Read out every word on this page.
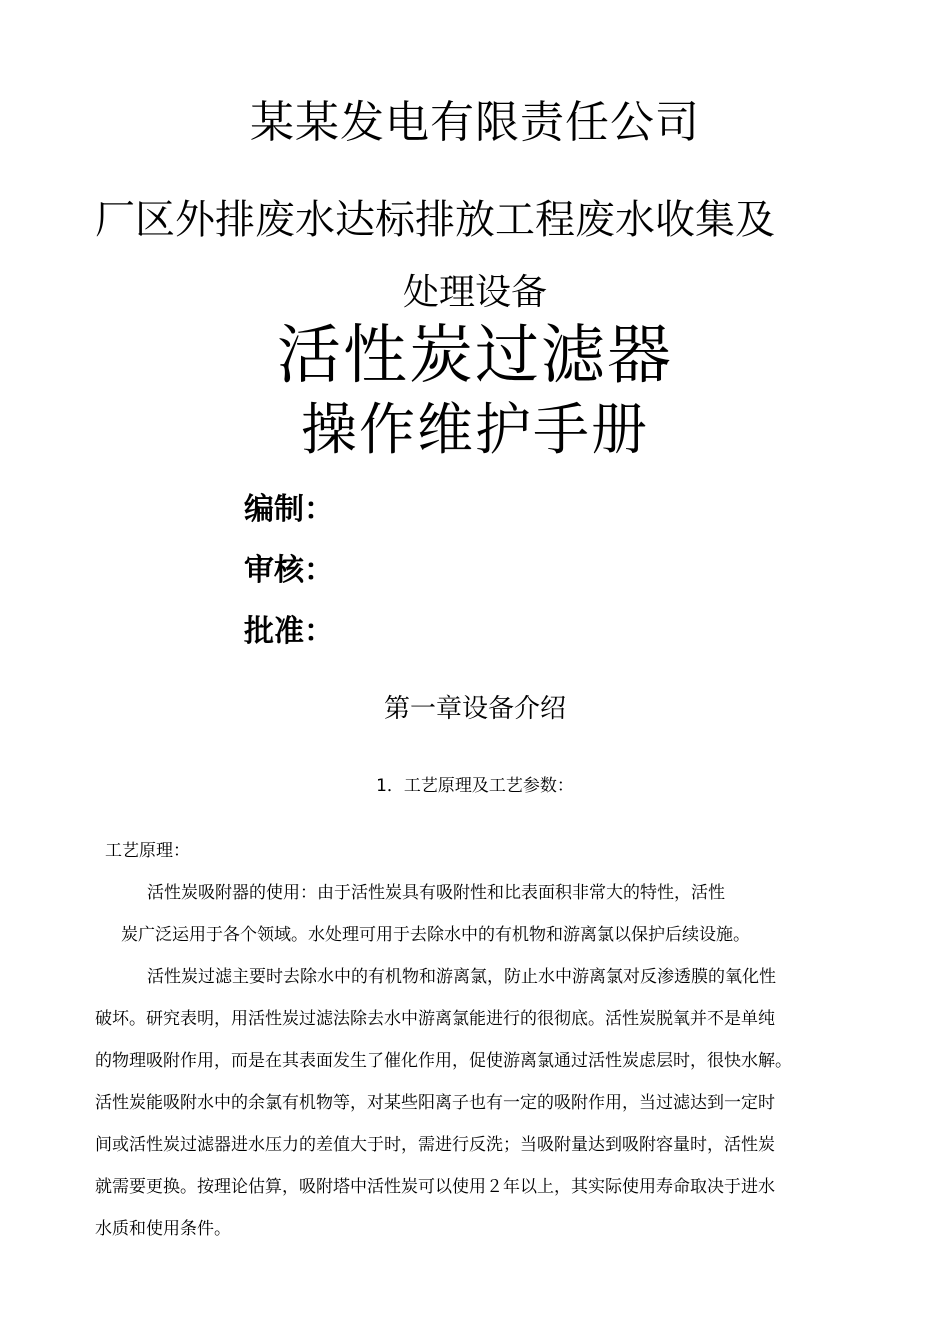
某某发电有限责任公司
厂区外排废水达标排放工程废水收集及
处理设备
活性炭过滤器
操作维护手册
编制：
审核：
批准：
第一章设备介绍
1．工艺原理及工艺参数：
工艺原理：
活性炭吸附器的使用：由于活性炭具有吸附性和比表面积非常大的特性，活性
炭广泛运用于各个领域。水处理可用于去除水中的有机物和游离氯以保护后续设施。
活性炭过滤主要时去除水中的有机物和游离氯，防止水中游离氯对反渗透膜的氧化性
破坏。研究表明，用活性炭过滤法除去水中游离氯能进行的很彻底。活性炭脱氧并不是单纯
的物理吸附作用，而是在其表面发生了催化作用，促使游离氯通过活性炭虑层时，很快水解。
活性炭能吸附水中的余氯有机物等，对某些阳离子也有一定的吸附作用，当过滤达到一定时
间或活性炭过滤器进水压力的差值大于时，需进行反洗；当吸附量达到吸附容量时，活性炭
就需要更换。按理论估算，吸附塔中活性炭可以使用２年以上，其实际使用寿命取决于进水
水质和使用条件。
